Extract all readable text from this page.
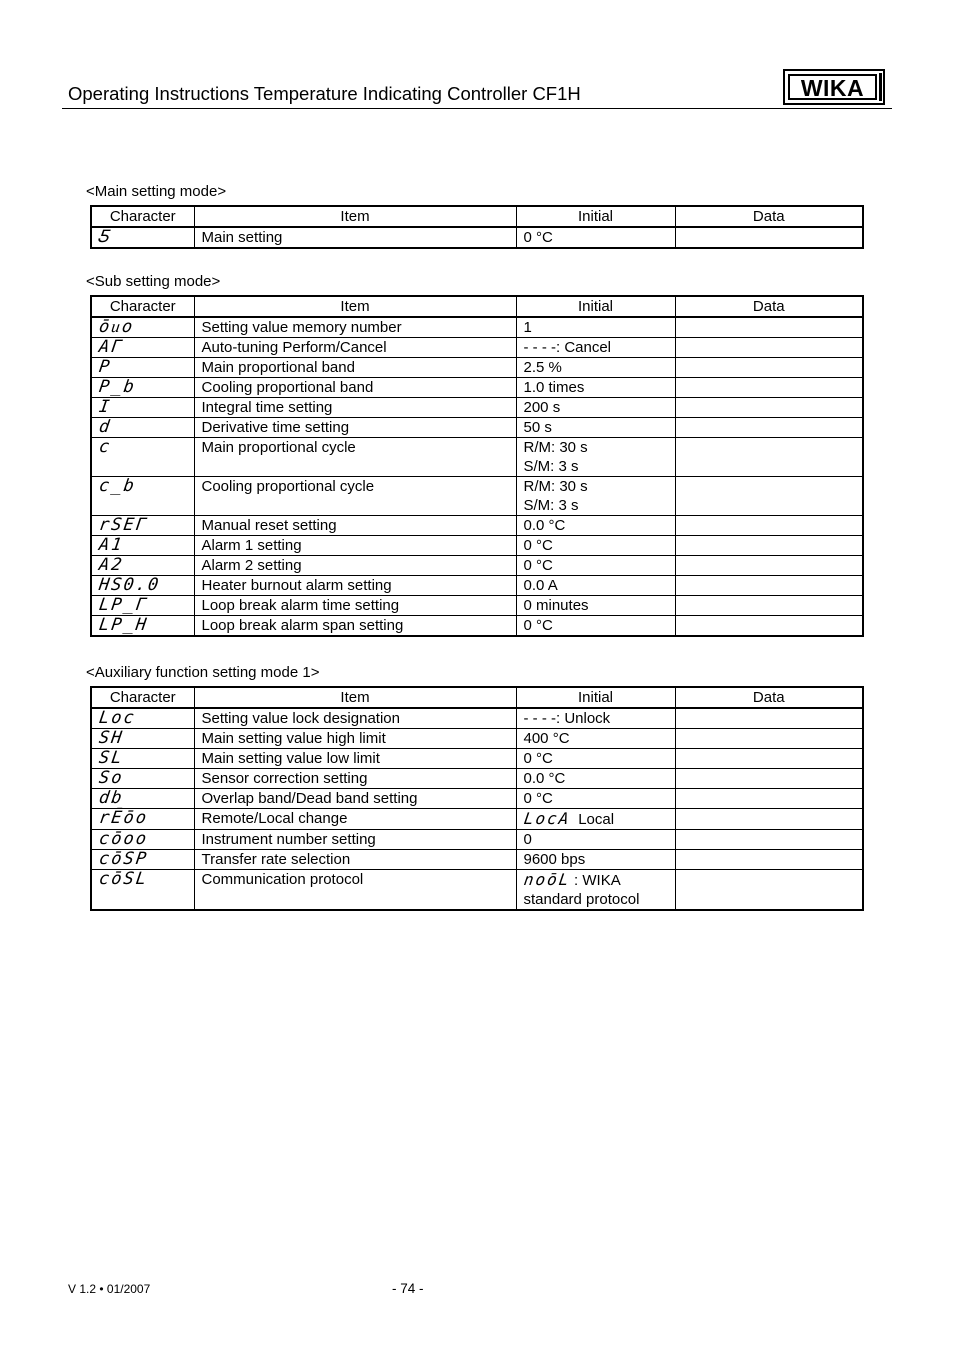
Operating Instructions Temperature Indicating Controller CF1H	WIKA
<Main setting mode>
Character	Item	Initial	Data
Ƽ	Main setting	0 °C	
<Sub setting mode>
Character	Item	Initial	Data
ōᴎo	Setting value memory number	1	
AГ	Auto-tuning Perform/Cancel	- - - -: Cancel	
P	Main proportional band	2.5 %	
P_b	Cooling proportional band	1.0 times	
I	Integral time setting	200 s	
d	Derivative time setting	50 s	
c	Main proportional cycle	R/M: 30 s
S/M: 3 s	
c_b	Cooling proportional cycle	R/M: 30 s
S/M: 3 s	
rSEГ	Manual reset setting	0.0 °C	
A1	Alarm 1 setting	0 °C	
A2	Alarm 2 setting	0 °C	
HS0.0	Heater burnout alarm setting	0.0 A	
LP_Г	Loop break alarm time setting	0 minutes	
LP_H	Loop break alarm span setting	0 °C	
<Auxiliary function setting mode 1>
Character	Item	Initial	Data
Loc	Setting value lock designation	- - - -: Unlock	
SH	Main setting value high limit	400 °C	
SL	Main setting value low limit	0 °C	
So	Sensor correction setting	0.0 °C	
db	Overlap band/Dead band setting	0 °C	
rĒōo	Remote/Local change	LocA Local	
cōoo	Instrument number setting	0	
cōSP	Transfer rate selection	9600 bps	
cōSL	Communication protocol	noōL : WIKA
standard protocol	
V 1.2 • 01/2007	- 74 -
